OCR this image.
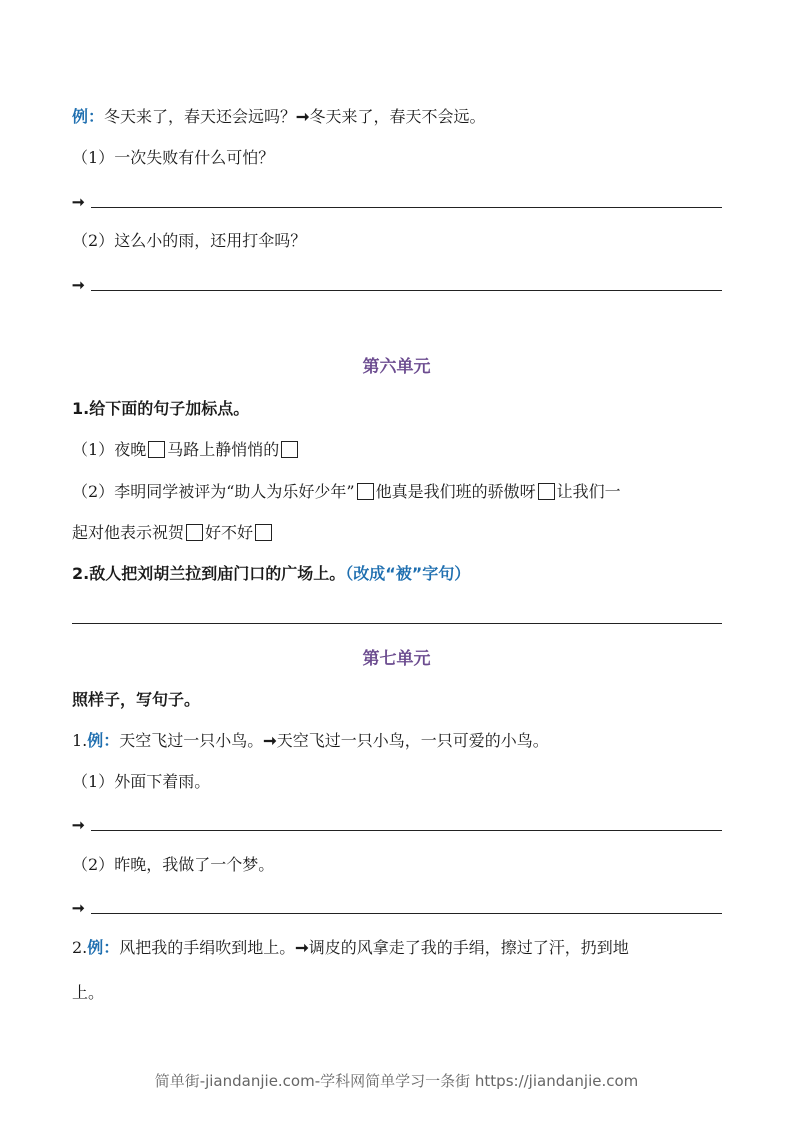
例：冬天来了，春天还会远吗？➞冬天来了，春天不会远。
（1）一次失败有什么可怕？
➞
（2）这么小的雨，还用打伞吗？
➞
第六单元
1.给下面的句子加标点。
（1）夜晚 马路上静悄悄的
（2）李明同学被评为“助人为乐好少年” 他真是我们班的骄傲呀 让我们一
起对他表示祝贺 好不好
2.敌人把刘胡兰拉到庙门口的广场上。（改成“被”字句）
第七单元
照样子，写句子。
1.例：天空飞过一只小鸟。➞天空飞过一只小鸟，一只可爱的小鸟。
（1）外面下着雨。
➞
（2）昨晚，我做了一个梦。
➞
2.例：风把我的手绢吹到地上。➞调皮的风拿走了我的手绢，擦过了汗，扔到地
上。
简单街-jiandanjie.com-学科网简单学习一条街 https://jiandanjie.com
